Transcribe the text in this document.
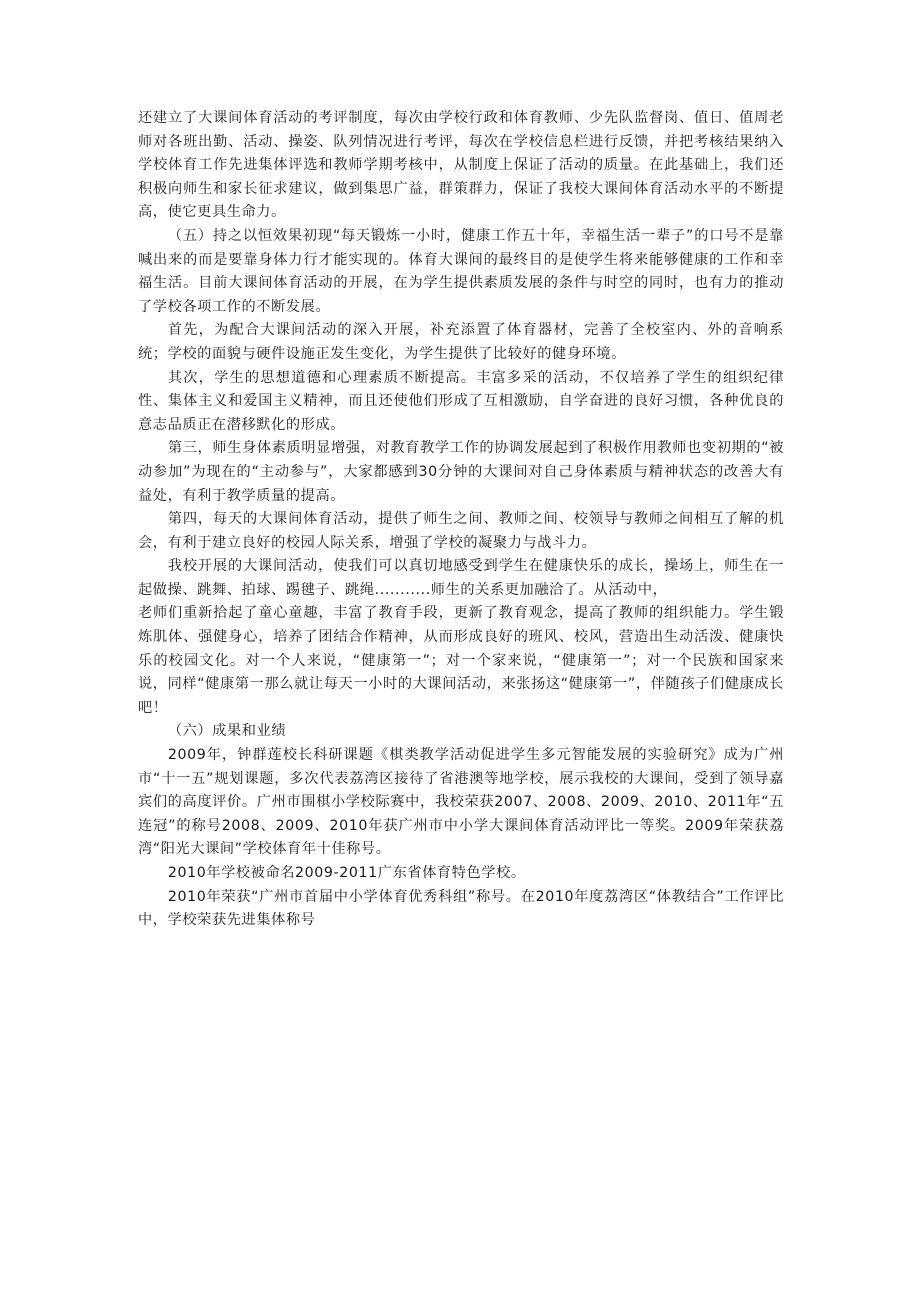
还建立了大课间体育活动的考评制度，每次由学校行政和体育教师、少先队监督岗、值日、值周老师对各班出勤、活动、操姿、队列情况进行考评，每次在学校信息栏进行反馈，并把考核结果纳入学校体育工作先进集体评选和教师学期考核中，从制度上保证了活动的质量。在此基础上，我们还积极向师生和家长征求建议，做到集思广益，群策群力，保证了我校大课间体育活动水平的不断提高，使它更具生命力。

（五）持之以恒效果初现“每天锻炼一小时，健康工作五十年，幸福生活一辈子”的口号不是靠喊出来的而是要靠身体力行才能实现的。体育大课间的最终目的是使学生将来能够健康的工作和幸福生活。目前大课间体育活动的开展，在为学生提供素质发展的条件与时空的同时，也有力的推动了学校各项工作的不断发展。

首先，为配合大课间活动的深入开展，补充添置了体育器材，完善了全校室内、外的音响系统；学校的面貌与硬件设施正发生变化，为学生提供了比较好的健身环境。

其次，学生的思想道德和心理素质不断提高。丰富多采的活动，不仅培养了学生的组织纪律性、集体主义和爱国主义精神，而且还使他们形成了互相激励，自学奋进的良好习惯，各种优良的意志品质正在潜移默化的形成。

第三，师生身体素质明显增强，对教育教学工作的协调发展起到了积极作用教师也变初期的“被动参加”为现在的“主动参与”，大家都感到30分钟的大课间对自己身体素质与精神状态的改善大有益处，有利于教学质量的提高。

第四，每天的大课间体育活动，提供了师生之间、教师之间、校领导与教师之间相互了解的机会，有利于建立良好的校园人际关系，增强了学校的凝聚力与战斗力。

我校开展的大课间活动，使我们可以真切地感受到学生在健康快乐的成长，操场上，师生在一起做操、跳舞、拍球、踢毽子、跳绳...........师生的关系更加融洽了。从活动中，

老师们重新拾起了童心童趣，丰富了教育手段，更新了教育观念，提高了教师的组织能力。学生锻炼肌体、强健身心，培养了团结合作精神，从而形成良好的班风、校风，营造出生动活泼、健康快乐的校园文化。对一个人来说，“健康第一”；对一个家来说，“健康第一”；对一个民族和国家来说，同样“健康第一那么就让每天一小时的大课间活动，来张扬这“健康第一”，伴随孩子们健康成长吧！

（六）成果和业绩

2009年，钟群莲校长科研课题《棋类教学活动促进学生多元智能发展的实验研究》成为广州市“十一五”规划课题，多次代表荔湾区接待了省港澳等地学校，展示我校的大课间，受到了领导嘉宾们的高度评价。广州市围棋小学校际赛中，我校荣获2007、2008、2009、2010、2011年“五连冠”的称号2008、2009、2010年获广州市中小学大课间体育活动评比一等奖。2009年荣获荔湾“阳光大课间”学校体育年十佳称号。

2010年学校被命名2009-2011广东省体育特色学校。

2010年荣获“广州市首届中小学体育优秀科组”称号。在2010年度荔湾区“体教结合”工作评比中，学校荣获先进集体称号
